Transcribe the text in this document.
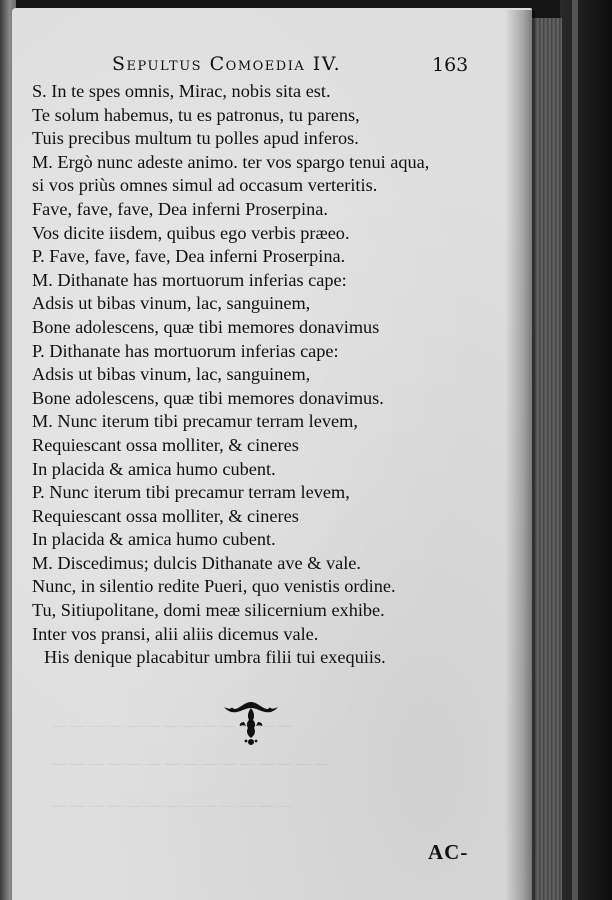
Sepultus Comoedia IV.	163
S. In te spes omnis, Mirac, nobis sita est.
Te solum habemus, tu es patronus, tu parens,
Tuis precibus multum tu polles apud inferos.
M. Ergò nunc adeste animo. ter vos spargo tenui aqua,
si vos priùs omnes simul ad occasum verteritis.
Fave, fave, fave, Dea inferni Proserpina.
Vos dicite iisdem, quibus ego verbis præeo.
P. Fave, fave, fave, Dea inferni Proserpina.
M. Dithanate has mortuorum inferias cape:
Adsis ut bibas vinum, lac, sanguinem,
Bone adolescens, quæ tibi memores donavimus
P. Dithanate has mortuorum inferias cape:
Adsis ut bibas vinum, lac, sanguinem,
Bone adolescens, quæ tibi memores donavimus.
M. Nunc iterum tibi precamur terram levem,
Requiescant ossa molliter, & cineres
In placida & amica humo cubent.
P. Nunc iterum tibi precamur terram levem,
Requiescant ossa molliter, & cineres
In placida & amica humo cubent.
M. Discedimus; dulcis Dithanate ave & vale.
Nunc, in silentio redite Pueri, quo venistis ordine.
Tu, Sitiupolitane, domi meæ silicernium exhibe.
Inter vos pransi, alii aliis dicemus vale.
His denique placabitur umbra filii tui exequiis.
— — — — — — — — — — — — —
— — — — — — — — — — — — — — —
— — — — — — — — — — — — —
AC-
